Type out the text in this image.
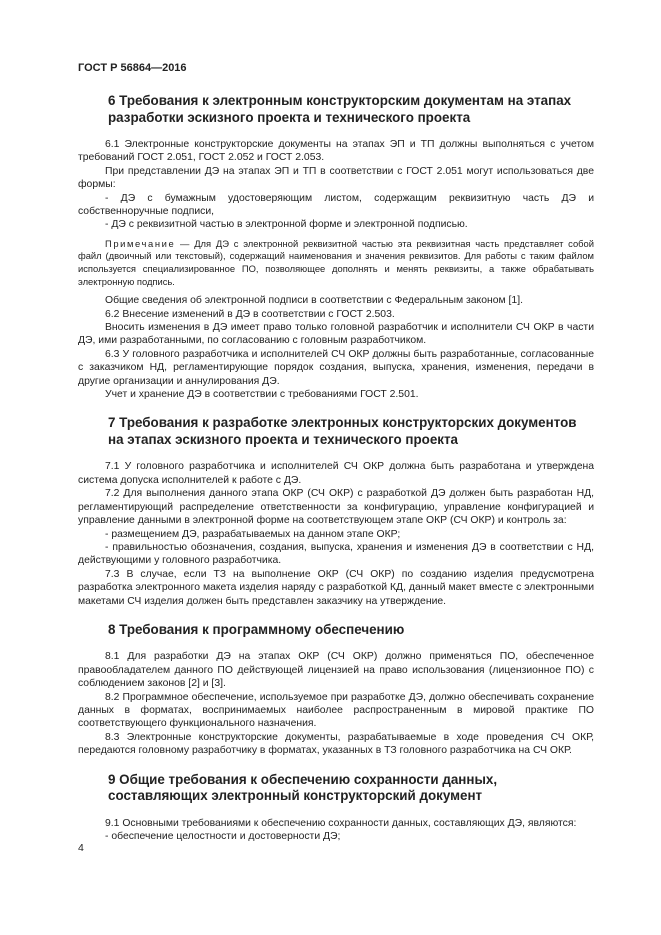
ГОСТ Р 56864—2016
6 Требования к электронным конструкторским документам на этапах разработки эскизного проекта и технического проекта

6.1 Электронные конструкторские документы на этапах ЭП и ТП должны выполняться с учетом требований ГОСТ 2.051, ГОСТ 2.052 и ГОСТ 2.053.

При представлении ДЭ на этапах ЭП и ТП в соответствии с ГОСТ 2.051 могут использоваться две формы:

- ДЭ с бумажным удостоверяющим листом, содержащим реквизитную часть ДЭ и собственноручные подписи,

- ДЭ с реквизитной частью в электронной форме и электронной подписью.

Примечание — Для ДЭ с электронной реквизитной частью эта реквизитная часть представляет собой файл (двоичный или текстовый), содержащий наименования и значения реквизитов. Для работы с таким файлом используется специализированное ПО, позволяющее дополнять и менять реквизиты, а также обрабатывать электронную подпись.

Общие сведения об электронной подписи в соответствии с Федеральным законом [1].

6.2 Внесение изменений в ДЭ в соответствии с ГОСТ 2.503.

Вносить изменения в ДЭ имеет право только головной разработчик и исполнители СЧ ОКР в части ДЭ, ими разработанными, по согласованию с головным разработчиком.

6.3 У головного разработчика и исполнителей СЧ ОКР должны быть разработанные, согласованные с заказчиком НД, регламентирующие порядок создания, выпуска, хранения, изменения, передачи в другие организации и аннулирования ДЭ.

Учет и хранение ДЭ в соответствии с требованиями ГОСТ 2.501.

7 Требования к разработке электронных конструкторских документов на этапах эскизного проекта и технического проекта

7.1 У головного разработчика и исполнителей СЧ ОКР должна быть разработана и утверждена система допуска исполнителей к работе с ДЭ.

7.2 Для выполнения данного этапа ОКР (СЧ ОКР) с разработкой ДЭ должен быть разработан НД, регламентирующий распределение ответственности за конфигурацию, управление конфигурацией и управление данными в электронной форме на соответствующем этапе ОКР (СЧ ОКР) и контроль за:

- размещением ДЭ, разрабатываемых на данном этапе ОКР;

- правильностью обозначения, создания, выпуска, хранения и изменения ДЭ в соответствии с НД, действующими у головного разработчика.

7.3 В случае, если ТЗ на выполнение ОКР (СЧ ОКР) по созданию изделия предусмотрена разработка электронного макета изделия наряду с разработкой КД, данный макет вместе с электронными макетами СЧ изделия должен быть представлен заказчику на утверждение.

8 Требования к программному обеспечению

8.1 Для разработки ДЭ на этапах ОКР (СЧ ОКР) должно применяться ПО, обеспеченное правообладателем данного ПО действующей лицензией на право использования (лицензионное ПО) с соблюдением законов [2] и [3].

8.2 Программное обеспечение, используемое при разработке ДЭ, должно обеспечивать сохранение данных в форматах, воспринимаемых наиболее распространенным в мировой практике ПО соответствующего функционального назначения.

8.3 Электронные конструкторские документы, разрабатываемые в ходе проведения СЧ ОКР, передаются головному разработчику в форматах, указанных в ТЗ головного разработчика на СЧ ОКР.

9 Общие требования к обеспечению сохранности данных, составляющих электронный конструкторский документ

9.1 Основными требованиями к обеспечению сохранности данных, составляющих ДЭ, являются:

- обеспечение целостности и достоверности ДЭ;

4
